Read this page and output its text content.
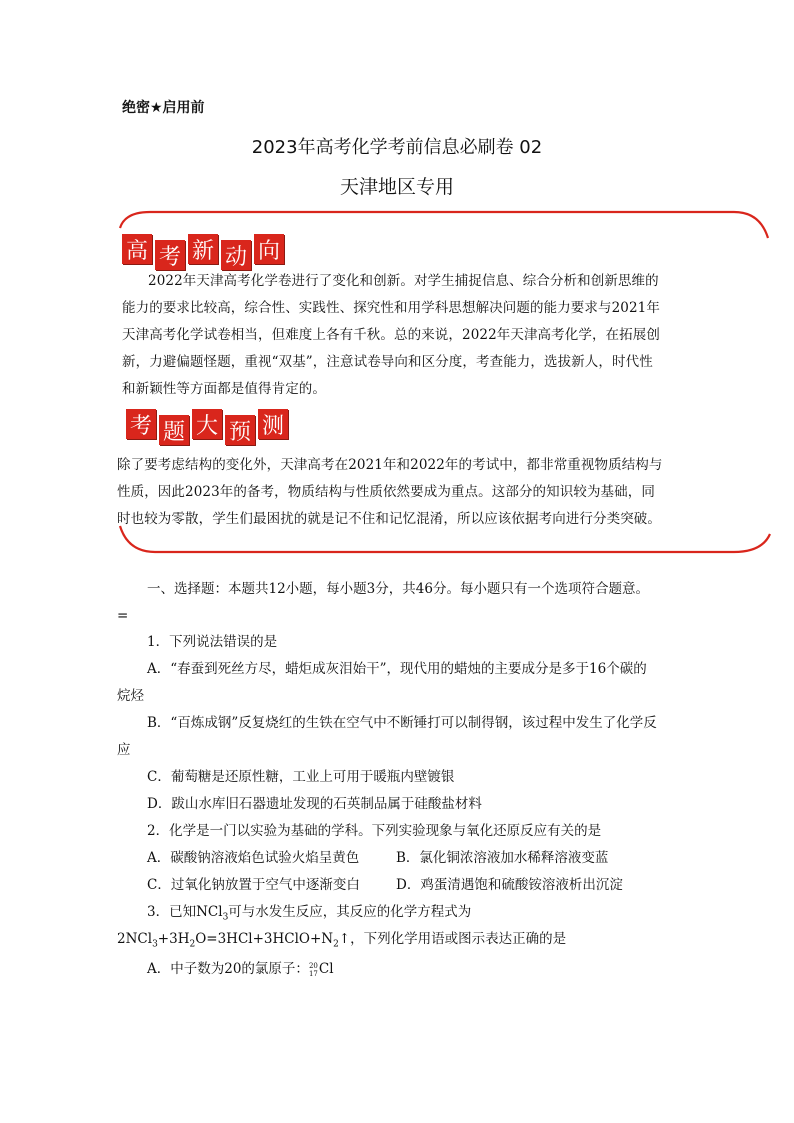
绝密★启用前
2023年高考化学考前信息必刷卷 02
天津地区专用
高 考 新 动 向
2022年天津高考化学卷进行了变化和创新。对学生捕捉信息、综合分析和创新思维的能力的要求比较高，综合性、实践性、探究性和用学科思想解决问题的能力要求与2021年天津高考化学试卷相当，但难度上各有千秋。总的来说，2022年天津高考化学，在拓展创新，力避偏题怪题，重视“双基”，注意试卷导向和区分度，考查能力，选拔新人，时代性和新颖性等方面都是值得肯定的。
考 题 大 预 测
除了要考虑结构的变化外，天津高考在2021年和2022年的考试中，都非常重视物质结构与性质，因此2023年的备考，物质结构与性质依然要成为重点。这部分的知识较为基础，同时也较为零散，学生们最困扰的就是记不住和记忆混淆，所以应该依据考向进行分类突破。
一、选择题：本题共12小题，每小题3分，共46分。每小题只有一个选项符合题意。
=
1．下列说法错误的是
A．“春蚕到死丝方尽，蜡炬成灰泪始干”，现代用的蜡烛的主要成分是多于16个碳的
烷烃
B．“百炼成钢”反复烧红的生铁在空气中不断锤打可以制得钢，该过程中发生了化学反
应
C．葡萄糖是还原性糖，工业上可用于暖瓶内壁镀银
D．跋山水库旧石器遗址发现的石英制品属于硅酸盐材料
2．化学是一门以实验为基础的学科。下列实验现象与氧化还原反应有关的是
A．碳酸钠溶液焰色试验火焰呈黄色	B．氯化铜浓溶液加水稀释溶液变蓝
C．过氧化钠放置于空气中逐渐变白	D．鸡蛋清遇饱和硫酸铵溶液析出沉淀
3．已知NCl$_3$可与水发生反应，其反应的化学方程式为
$2NCl_3+3H_2O=3HCl+3HClO+N_2↑$，下列化学用语或图示表达正确的是
A．中子数为20的氯原子： 20
17 Cl
